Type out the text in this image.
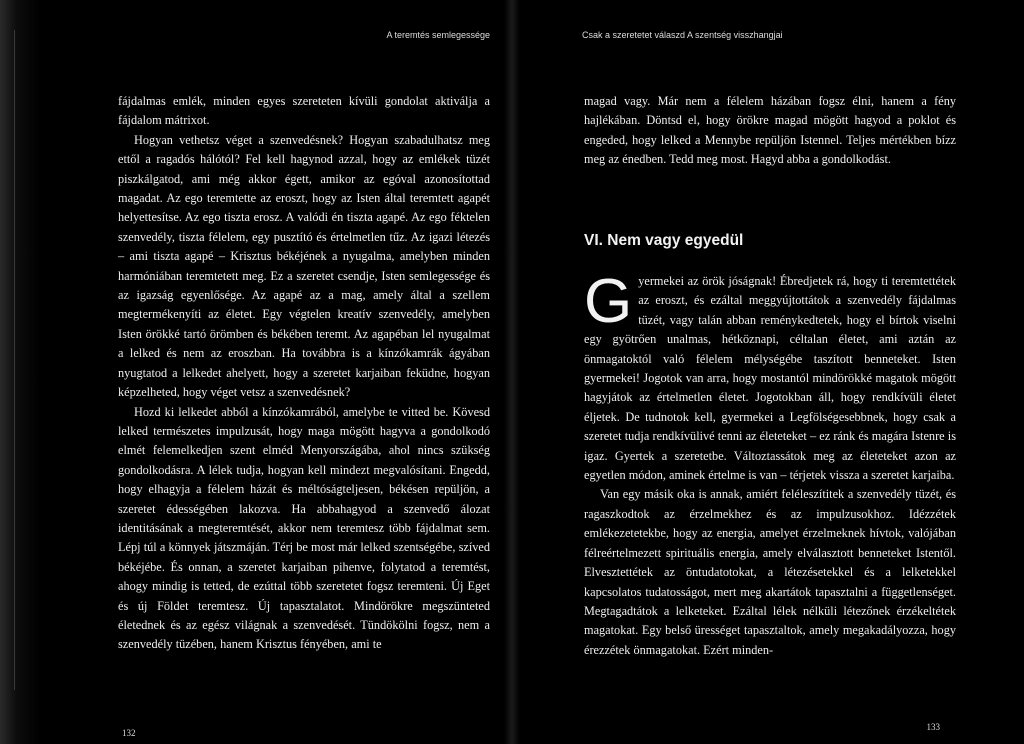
A teremtés semlegessége

fájdalmas emlék, minden egyes szereteten kívüli gondolat aktiválja a fájdalom mátrixot.

Hogyan vethetsz véget a szenvedésnek? Hogyan szabadulhatsz meg ettől a ragadós hálótól? Fel kell hagynod azzal, hogy az emlékek tüzét piszkálgatod, ami még akkor égett, amikor az egóval azonosítottad magadat. Az ego teremtette az eroszt, hogy az Isten által teremtett agapét helyettesítse. Az ego tiszta erosz. A valódi én tiszta agapé. Az ego féktelen szenvedély, tiszta félelem, egy pusztító és értelmetlen tűz. Az igazi létezés – ami tiszta agapé – Krisztus békéjének a nyugalma, amelyben minden harmóniában teremtetett meg. Ez a szeretet csendje, Isten semlegessége és az igazság egyenlősége. Az agapé az a mag, amely által a szellem megtermékenyíti az életet. Egy végtelen kreatív szenvedély, amelyben Isten örökké tartó örömben és békében teremt. Az agapéban lel nyugalmat a lelked és nem az eroszban. Ha továbbra is a kínzókamrák ágyában nyugtatod a lelkedet ahelyett, hogy a szeretet karjaiban feküdne, hogyan képzelheted, hogy véget vetsz a szenvedésnek?

Hozd ki lelkedet abból a kínzókamrából, amelybe te vitted be. Kövesd lelked természetes impulzusát, hogy maga mögött hagyva a gondolkodó elmét felemelkedjen szent elméd Menyországába, ahol nincs szükség gondolkodásra. A lélek tudja, hogyan kell mindezt megvalósítani. Engedd, hogy elhagyja a félelem házát és méltóságteljesen, békésen repüljön, a szeretet édességében lakozva. Ha abbahagyod a szenvedő álozat identitásának a megteremtését, akkor nem teremtesz több fájdalmat sem. Lépj túl a könnyek játszmáján. Térj be most már lelked szentségébe, szíved békéjébe. És onnan, a szeretet karjaiban pihenve, folytatod a teremtést, ahogy mindig is tetted, de ezúttal több szeretetet fogsz teremteni. Új Eget és új Földet teremtesz. Új tapasztalatot. Mindörökre megszünteted életednek és az egész világnak a szenvedését. Tündökölni fogsz, nem a szenvedély tüzében, hanem Krisztus fényében, ami te

132
Csak a szeretetet válaszd A szentség visszhangjai

magad vagy. Már nem a félelem házában fogsz élni, hanem a fény hajlékában. Döntsd el, hogy örökre magad mögött hagyod a poklot és engeded, hogy lelked a Mennybe repüljön Istennel. Teljes mértékben bízz meg az énedben. Tedd meg most. Hagyd abba a gondolkodást.

VI. Nem vagy egyedül

Gyermekei az örök jóságnak! Ébredjetek rá, hogy ti teremtettétek az eroszt, és ezáltal meggyújtottátok a szenvedély fájdalmas tüzét, vagy talán abban reménykedtetek, hogy el bírtok viselni egy gyötrően unalmas, hétköznapi, céltalan életet, ami aztán az önmagatoktól való félelem mélységébe taszított benneteket. Isten gyermekei! Jogotok van arra, hogy mostantól mindörökké magatok mögött hagyjátok az értelmetlen életet. Jogotokban áll, hogy rendkívüli életet éljetek. De tudnotok kell, gyermekei a Legfölségesebbnek, hogy csak a szeretet tudja rendkívülivé tenni az életeteket – ez ránk és magára Istenre is igaz. Gyertek a szeretetbe. Változtassátok meg az életeteket azon az egyetlen módon, aminek értelme is van – térjetek vissza a szeretet karjaiba.

Van egy másik oka is annak, amiért feléleszítitek a szenvedély tüzét, és ragaszkodtok az érzelmekhez és az impulzusokhoz. Idézzétek emlékezetetekbe, hogy az energia, amelyet érzelmeknek hívtok, valójában félreértelmezett spirituális energia, amely elválasztott benneteket Istentől. Elvesztettétek az öntudatotokat, a létezésetekkel és a lelketekkel kapcsolatos tudatosságot, mert meg akartátok tapasztalni a függetlenséget. Megtagadtátok a lelketeket. Ezáltal lélek nélküli létezőnek érzékeltétek magatokat. Egy belső ürességet tapasztaltok, amely megakadályozza, hogy érezzétek önmagatokat. Ezért minden-

133
